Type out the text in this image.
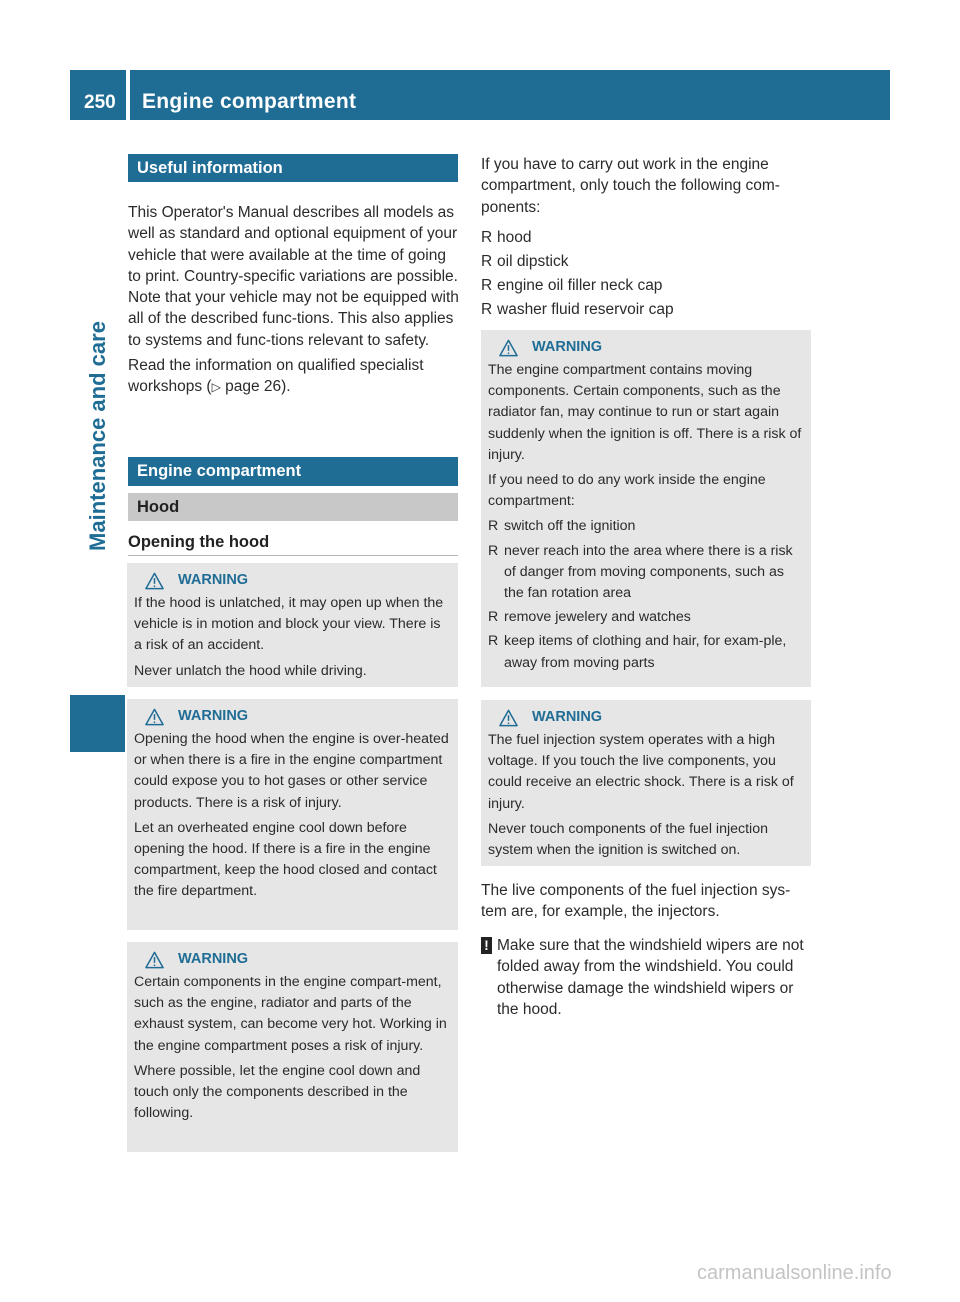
250 Engine compartment
Maintenance and care
Useful information

This Operator's Manual describes all models as well as standard and optional equipment of your vehicle that were available at the time of going to print. Country-specific variations are possible. Note that your vehicle may not be equipped with all of the described func-tions. This also applies to systems and func-tions relevant to safety.

Read the information on qualified specialist workshops (▷ page 26).

Engine compartment
Hood
Opening the hood
WARNING

If the hood is unlatched, it may open up when the vehicle is in motion and block your view. There is a risk of an accident.

Never unlatch the hood while driving.

WARNING

Opening the hood when the engine is over-heated or when there is a fire in the engine compartment could expose you to hot gases or other service products. There is a risk of injury.

Let an overheated engine cool down before opening the hood. If there is a fire in the engine compartment, keep the hood closed and contact the fire department.

WARNING

Certain components in the engine compart-ment, such as the engine, radiator and parts of the exhaust system, can become very hot. Working in the engine compartment poses a risk of injury.

Where possible, let the engine cool down and touch only the components described in the following.

If you have to carry out work in the engine compartment, only touch the following com-ponents:

R hood
R oil dipstick
R engine oil filler neck cap
R washer fluid reservoir cap
WARNING

The engine compartment contains moving components. Certain components, such as the radiator fan, may continue to run or start again suddenly when the ignition is off. There is a risk of injury.

If you need to do any work inside the engine compartment:

R switch off the ignition
R never reach into the area where there is a risk of danger from moving components, such as the fan rotation area
R remove jewelery and watches
R keep items of clothing and hair, for exam-ple, away from moving parts
WARNING

The fuel injection system operates with a high voltage. If you touch the live components, you could receive an electric shock. There is a risk of injury.

Never touch components of the fuel injection system when the ignition is switched on.

The live components of the fuel injection sys-tem are, for example, the injectors.

! Make sure that the windshield wipers are not folded away from the windshield. You could otherwise damage the windshield wipers or the hood.
carmanualsonline.info
